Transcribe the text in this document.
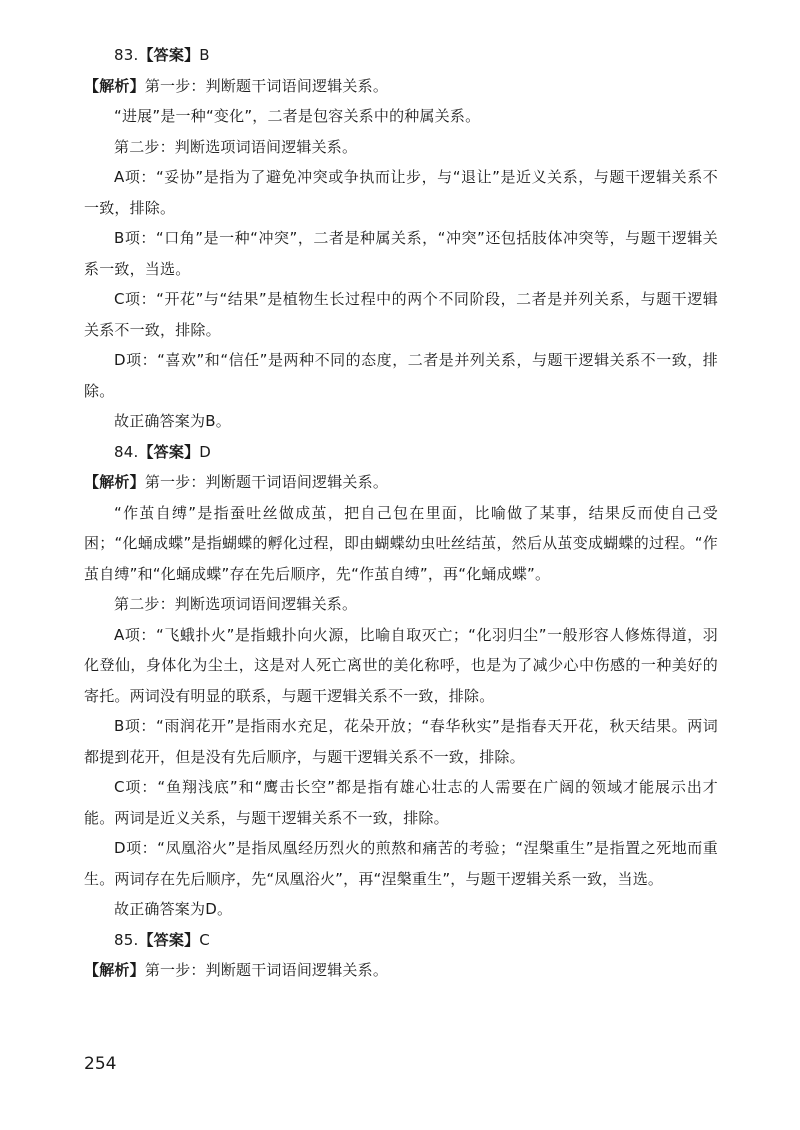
83.【答案】B

【解析】第一步：判断题干词语间逻辑关系。

“进展”是一种“变化”，二者是包容关系中的种属关系。

第二步：判断选项词语间逻辑关系。

A项：“妥协”是指为了避免冲突或争执而让步，与“退让”是近义关系，与题干逻辑关系不一致，排除。

B项：“口角”是一种“冲突”，二者是种属关系，“冲突”还包括肢体冲突等，与题干逻辑关系一致，当选。

C项：“开花”与“结果”是植物生长过程中的两个不同阶段，二者是并列关系，与题干逻辑关系不一致，排除。

D项：“喜欢”和“信任”是两种不同的态度，二者是并列关系，与题干逻辑关系不一致，排除。

故正确答案为B。

84.【答案】D

【解析】第一步：判断题干词语间逻辑关系。

“作茧自缚”是指蚕吐丝做成茧，把自己包在里面，比喻做了某事，结果反而使自己受困；“化蛹成蝶”是指蝴蝶的孵化过程，即由蝴蝶幼虫吐丝结茧，然后从茧变成蝴蝶的过程。“作茧自缚”和“化蛹成蝶”存在先后顺序，先“作茧自缚”，再“化蛹成蝶”。

第二步：判断选项词语间逻辑关系。

A项：“飞蛾扑火”是指蛾扑向火源，比喻自取灭亡；“化羽归尘”一般形容人修炼得道，羽化登仙，身体化为尘土，这是对人死亡离世的美化称呼，也是为了减少心中伤感的一种美好的寄托。两词没有明显的联系，与题干逻辑关系不一致，排除。

B项：“雨润花开”是指雨水充足，花朵开放；“春华秋实”是指春天开花，秋天结果。两词都提到花开，但是没有先后顺序，与题干逻辑关系不一致，排除。

C项：“鱼翔浅底”和“鹰击长空”都是指有雄心壮志的人需要在广阔的领域才能展示出才能。两词是近义关系，与题干逻辑关系不一致，排除。

D项：“凤凰浴火”是指凤凰经历烈火的煎熬和痛苦的考验；“涅槃重生”是指置之死地而重生。两词存在先后顺序，先“凤凰浴火”，再“涅槃重生”，与题干逻辑关系一致，当选。

故正确答案为D。

85.【答案】C

【解析】第一步：判断题干词语间逻辑关系。

254
